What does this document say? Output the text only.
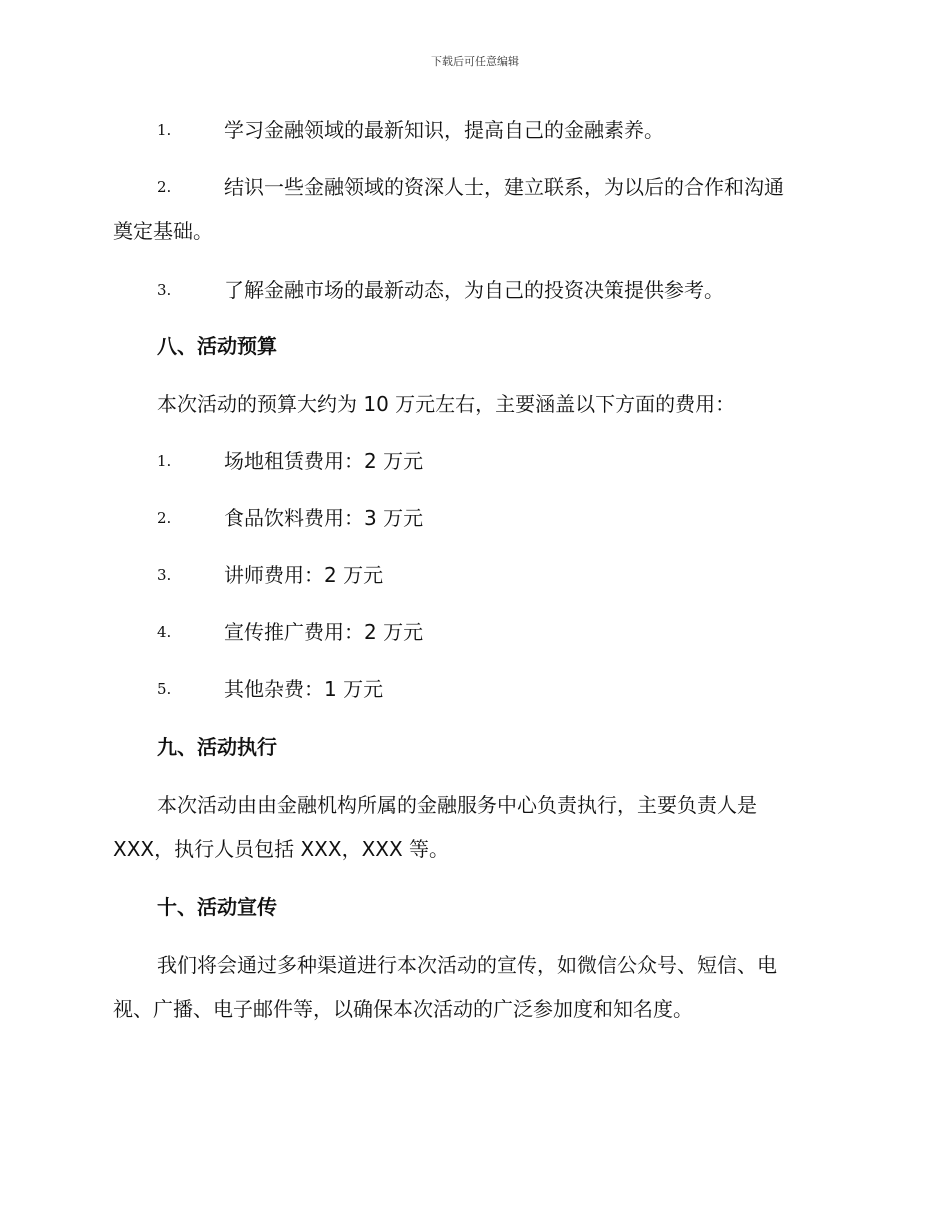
下载后可任意编辑
1.	学习金融领域的最新知识，提高自己的金融素养。
2.	结识一些金融领域的资深人士，建立联系，为以后的合作和沟通
奠定基础。
3.	了解金融市场的最新动态，为自己的投资决策提供参考。
八、活动预算
本次活动的预算大约为 10 万元左右，主要涵盖以下方面的费用：
1.	场地租赁费用：2 万元
2.	食品饮料费用：3 万元
3.	讲师费用：2 万元
4.	宣传推广费用：2 万元
5.	其他杂费：1 万元
九、活动执行
本次活动由由金融机构所属的金融服务中心负责执行，主要负责人是
XXX，执行人员包括 XXX，XXX 等。
十、活动宣传
我们将会通过多种渠道进行本次活动的宣传，如微信公众号、短信、电
视、广播、电子邮件等，以确保本次活动的广泛参加度和知名度。
